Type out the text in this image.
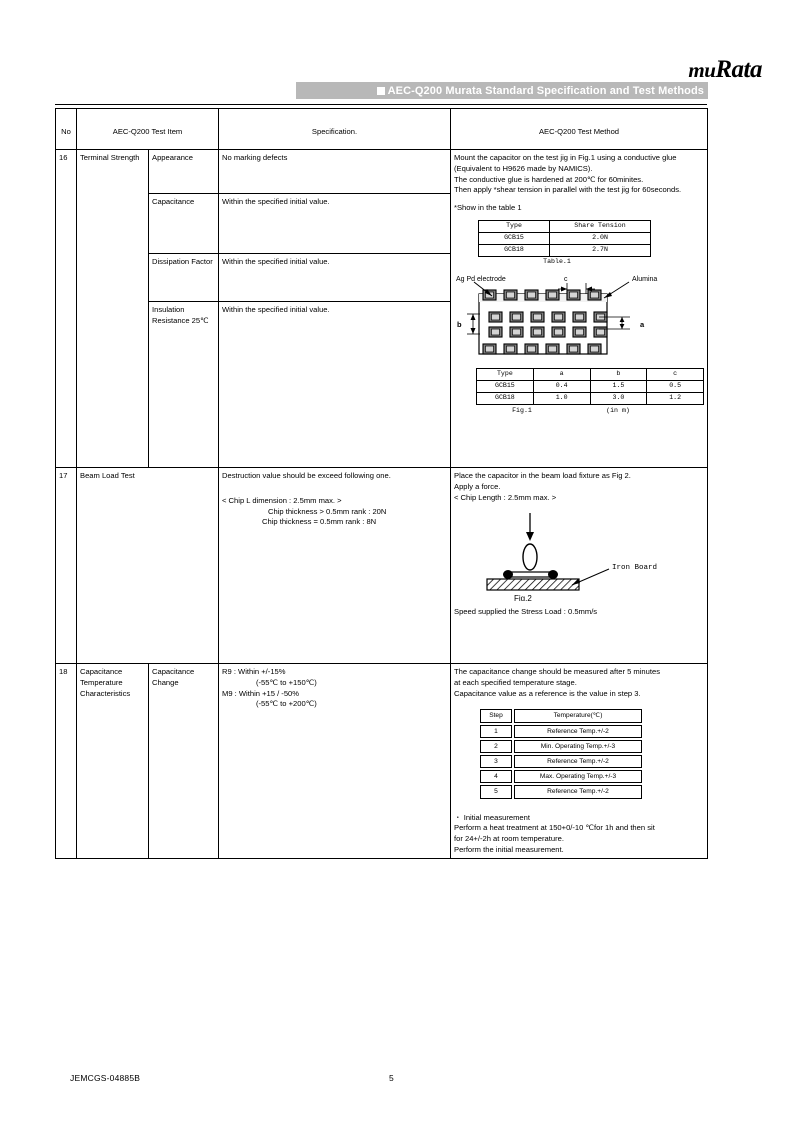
muRata
AEC-Q200 Murata Standard Specification and Test Methods
No	AEC-Q200 Test Item	Specification.	AEC-Q200 Test Method
16	Terminal Strength	Appearance	No marking defects	Mount the capacitor on the test jig in Fig.1 using a conductive glue
(Equivalent to H9626 made by NAMICS).
The conductive glue is hardened at 200℃ for 60minites.
Then apply *shear tension in parallel with the test jig for 60seconds.
*Show in the table 1
Type	Share Tension
GCB15	2.0N
GCB18	2.7N
Table.1
Ag Pd electrode	Alumina
c
b	a
Type	a	b	c
GCB15	0.4	1.5	0.5
GCB18	1.0	3.0	1.2
Fig.1	(in m)

Capacitance	Within the specified initial value.
Dissipation Factor	Within the specified initial value.
Insulation Resistance 25℃	Within the specified initial value.
17	Beam Load Test	Destruction value should be exceed following one.
< Chip L dimension : 2.5mm max. >
Chip thickness > 0.5mm rank : 20N
Chip thickness = 0.5mm rank : 8N

Place the capacitor in the beam load fixture as Fig 2.
Apply a force.
< Chip Length : 2.5mm max. >
Iron Board
Fig.2
Speed supplied the Stress Load : 0.5mm/s

18	Capacitance Temperature Characteristics	Capacitance Change	
R9 : Within +/-15%
(-55℃ to +150℃)
M9 : Within +15 / -50%
(-55℃ to +200℃)

The capacitance change should be measured after 5 minutes
at each specified temperature stage.
Capacitance value as a reference is the value in step 3.
Step	Temperature(℃)
1	Reference Temp.+/-2
2	Min. Operating Temp.+/-3
3	Reference Temp.+/-2
4	Max. Operating Temp.+/-3
5	Reference Temp.+/-2
・ Initial measurement
Perform a heat treatment at 150+0/-10 ℃for 1h and then sit
for 24+/-2h at room temperature.
Perform the initial measurement.
JEMCGS-04885B	5
